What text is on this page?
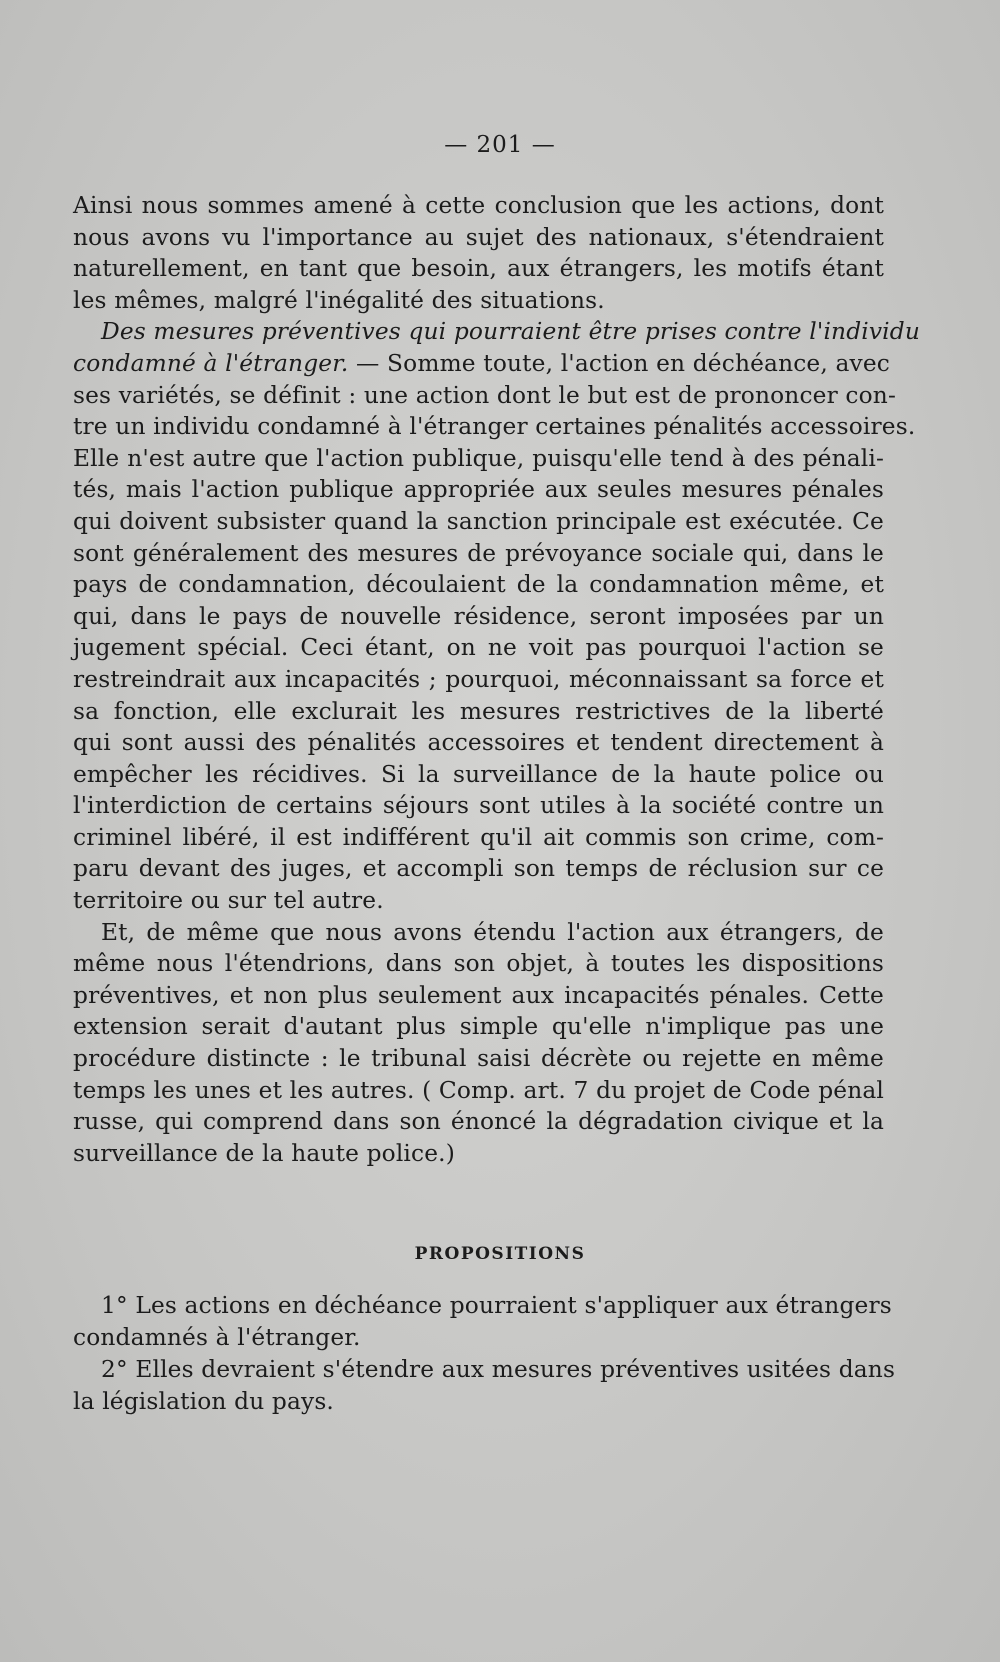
— 201 —
Ainsi nous sommes amené à cette conclusion que les actions, dont
nous avons vu l'importance au sujet des nationaux, s'étendraient
naturellement, en tant que besoin, aux étrangers, les motifs étant
les mêmes, malgré l'inégalité des situations.
Des mesures préventives qui pourraient être prises contre l'individu
condamné à l'étranger. — Somme toute, l'action en déchéance, avec
ses variétés, se définit : une action dont le but est de prononcer con-
tre un individu condamné à l'étranger certaines pénalités accessoires.
Elle n'est autre que l'action publique, puisqu'elle tend à des pénali-
tés, mais l'action publique appropriée aux seules mesures pénales
qui doivent subsister quand la sanction principale est exécutée. Ce
sont généralement des mesures de prévoyance sociale qui, dans le
pays de condamnation, découlaient de la condamnation même, et
qui, dans le pays de nouvelle résidence, seront imposées par un
jugement spécial. Ceci étant, on ne voit pas pourquoi l'action se
restreindrait aux incapacités ; pourquoi, méconnaissant sa force et
sa fonction, elle exclurait les mesures restrictives de la liberté
qui sont aussi des pénalités accessoires et tendent directement à
empêcher les récidives. Si la surveillance de la haute police ou
l'interdiction de certains séjours sont utiles à la société contre un
criminel libéré, il est indifférent qu'il ait commis son crime, com-
paru devant des juges, et accompli son temps de réclusion sur ce
territoire ou sur tel autre.
Et, de même que nous avons étendu l'action aux étrangers, de
même nous l'étendrions, dans son objet, à toutes les dispositions
préventives, et non plus seulement aux incapacités pénales. Cette
extension serait d'autant plus simple qu'elle n'implique pas une
procédure distincte : le tribunal saisi décrète ou rejette en même
temps les unes et les autres. ( Comp. art. 7 du projet de Code pénal
russe, qui comprend dans son énoncé la dégradation civique et la
surveillance de la haute police.)
PROPOSITIONS
1° Les actions en déchéance pourraient s'appliquer aux étrangers
condamnés à l'étranger.
2° Elles devraient s'étendre aux mesures préventives usitées dans
la législation du pays.
